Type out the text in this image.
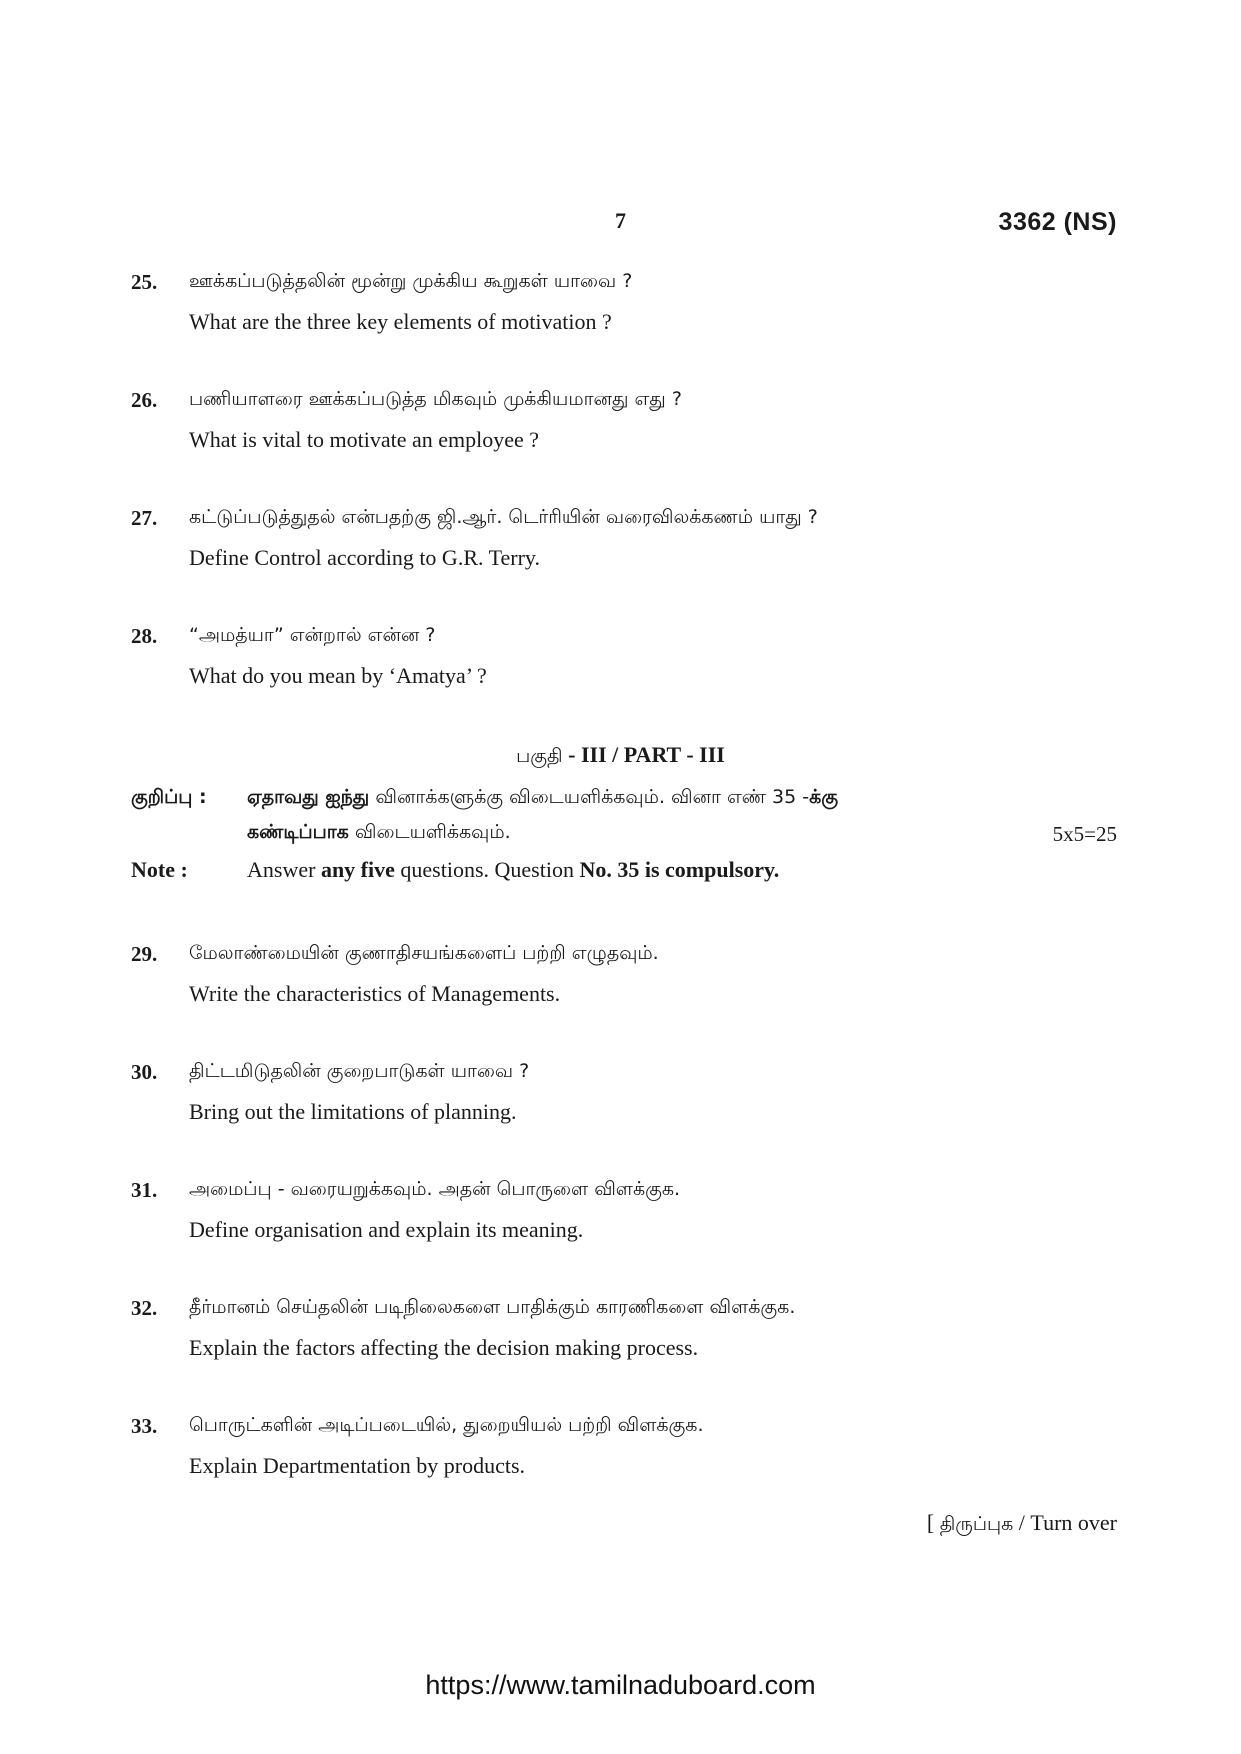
7	3362 (NS)
25. ஊக்கப்படுத்தலின் மூன்று முக்கிய கூறுகள் யாவை ?
What are the three key elements of motivation ?
26. பணியாளரை ஊக்கப்படுத்த மிகவும் முக்கியமானது எது ?
What is vital to motivate an employee ?
27. கட்டுப்படுத்துதல் என்பதற்கு ஜி.ஆர். டெர்ரியின் வரைவிலக்கணம் யாது ?
Define Control according to G.R. Terry.
28. “அமத்யா” என்றால் என்ன ?
What do you mean by ‘Amatya’ ?
பகுதி - III / PART - III
குறிப்பு : ஏதாவது ஐந்து வினாக்களுக்கு விடையளிக்கவும். வினா எண் 35 -க்கு
கண்டிப்பாக விடையளிக்கவும்.	5x5=25
Note :	Answer any five questions. Question No. 35 is compulsory.
29. மேலாண்மையின் குணாதிசயங்களைப் பற்றி எழுதவும்.
Write the characteristics of Managements.
30. திட்டமிடுதலின் குறைபாடுகள் யாவை ?
Bring out the limitations of planning.
31. அமைப்பு - வரையறுக்கவும். அதன் பொருளை விளக்குக.
Define organisation and explain its meaning.
32. தீர்மானம் செய்தலின் படிநிலைகளை பாதிக்கும் காரணிகளை விளக்குக.
Explain the factors affecting the decision making process.
33. பொருட்களின் அடிப்படையில், துறையியல் பற்றி விளக்குக.
Explain Departmentation by products.
[ திருப்புக / Turn over
https://www.tamilnaduboard.com
